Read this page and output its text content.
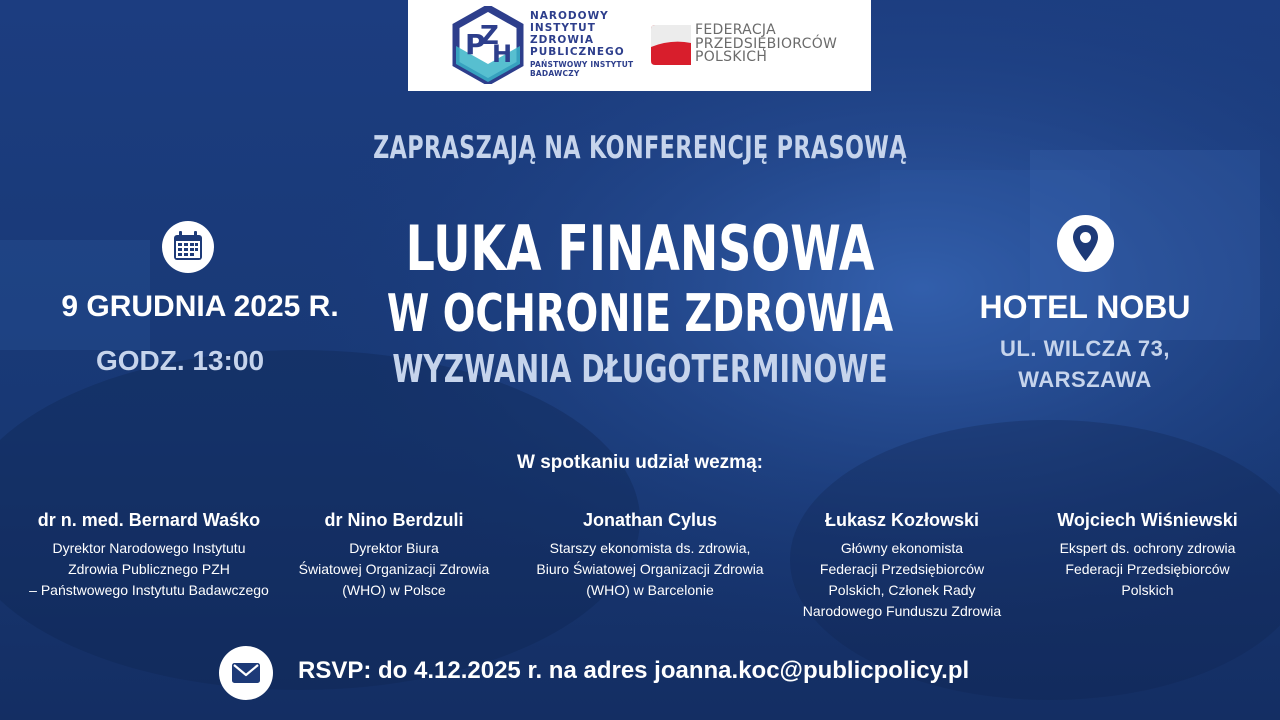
P
Z
H
NARODOWY
INSTYTUT
ZDROWIA
PUBLICZNEGO
PAŃSTWOWY INSTYTUT
BADAWCZY
FEDERACJA
PRZEDSIĘBIORCÓW
POLSKICH
ZAPRASZAJĄ NA KONFERENCJĘ PRASOWĄ
LUKA FINANSOWA
W OCHRONIE ZDROWIA
WYZWANIA DŁUGOTERMINOWE
9 GRUDNIA 2025 R.
GODZ. 13:00
HOTEL NOBU
UL. WILCZA 73,
WARSZAWA
W spotkaniu udział wezmą:
dr n. med. Bernard Waśko
Dyrektor Narodowego Instytutu
Zdrowia Publicznego PZH
– Państwowego Instytutu Badawczego
dr Nino Berdzuli
Dyrektor Biura
Światowej Organizacji Zdrowia
(WHO) w Polsce
Jonathan Cylus
Starszy ekonomista ds. zdrowia,
Biuro Światowej Organizacji Zdrowia
(WHO) w Barcelonie
Łukasz Kozłowski
Główny ekonomista
Federacji Przedsiębiorców
Polskich, Członek Rady
Narodowego Funduszu Zdrowia
Wojciech Wiśniewski
Ekspert ds. ochrony zdrowia
Federacji Przedsiębiorców
Polskich
RSVP: do 4.12.2025 r. na adres joanna.koc@publicpolicy.pl
